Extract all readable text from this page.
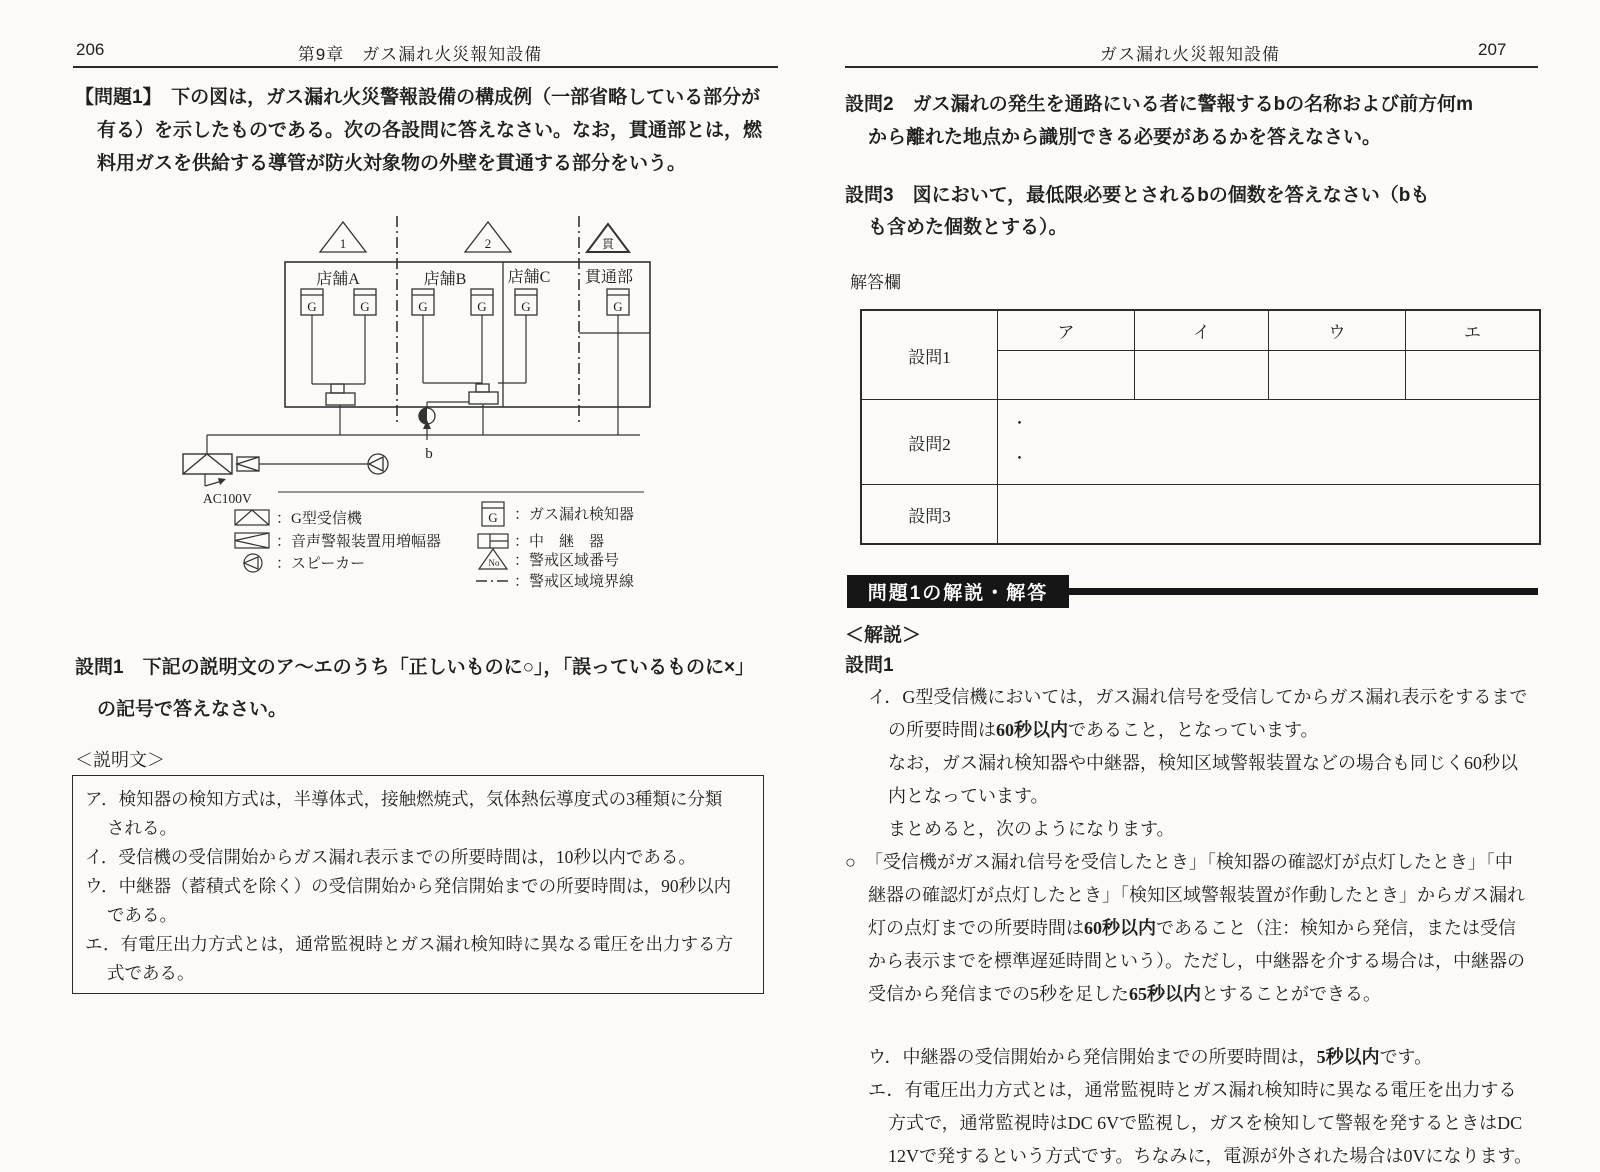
206	第9章　ガス漏れ火災報知設備
【問題1】　下の図は，ガス漏れ火災警報設備の構成例（一部省略している部分が
有る）を示したものである。次の各設問に答えなさい。なお，貫通部とは，燃
料用ガスを供給する導管が防火対象物の外壁を貫通する部分をいう。
1	2	貫
店舗A	店舗B	店舗C 貫通部
G	G	G	G	G	G
b
AC100V
：G型受信機
：音声警報装置用増幅器
：スピーカー
G ：ガス漏れ検知器
：中　継　器
No ：警戒区域番号
：警戒区域境界線
設問1　下記の説明文のア～エのうち「正しいものに○」，「誤っているものに×」
の記号で答えなさい。
＜説明文＞
ア．検知器の検知方式は，半導体式，接触燃焼式，気体熱伝導度式の3種類に分類
される。
イ．受信機の受信開始からガス漏れ表示までの所要時間は，10秒以内である。
ウ．中継器（蓄積式を除く）の受信開始から発信開始までの所要時間は，90秒以内
である。
エ．有電圧出力方式とは，通常監視時とガス漏れ検知時に異なる電圧を出力する方
式である。
ガス漏れ火災報知設備	207
設問2　ガス漏れの発生を通路にいる者に警報するbの名称および前方何m
から離れた地点から識別できる必要があるかを答えなさい。
設問3　図において，最低限必要とされるbの個数を答えなさい（bも
も含めた個数とする）。
解答欄
設問1
ア	イ	ウ	エ
設問2
・
・
設問3
問題1の解説・解答
＜解説＞
設問1
イ．G型受信機においては，ガス漏れ信号を受信してからガス漏れ表示をするまで
の所要時間は60秒以内であること，となっています。
なお，ガス漏れ検知器や中継器，検知区域警報装置などの場合も同じく60秒以
内となっています。
まとめると，次のようになります。
○　「受信機がガス漏れ信号を受信したとき」「検知器の確認灯が点灯したとき」「中
継器の確認灯が点灯したとき」「検知区域警報装置が作動したとき」からガス漏れ
灯の点灯までの所要時間は60秒以内であること（注：検知から発信，または受信
から表示までを標準遅延時間という）。ただし，中継器を介する場合は，中継器の
受信から発信までの5秒を足した65秒以内とすることができる。
ウ．中継器の受信開始から発信開始までの所要時間は，5秒以内です。
エ．有電圧出力方式とは，通常監視時とガス漏れ検知時に異なる電圧を出力する
方式で，通常監視時はDC 6Vで監視し，ガスを検知して警報を発するときはDC
12Vで発するという方式です。ちなみに，電源が外された場合は0Vになります。
